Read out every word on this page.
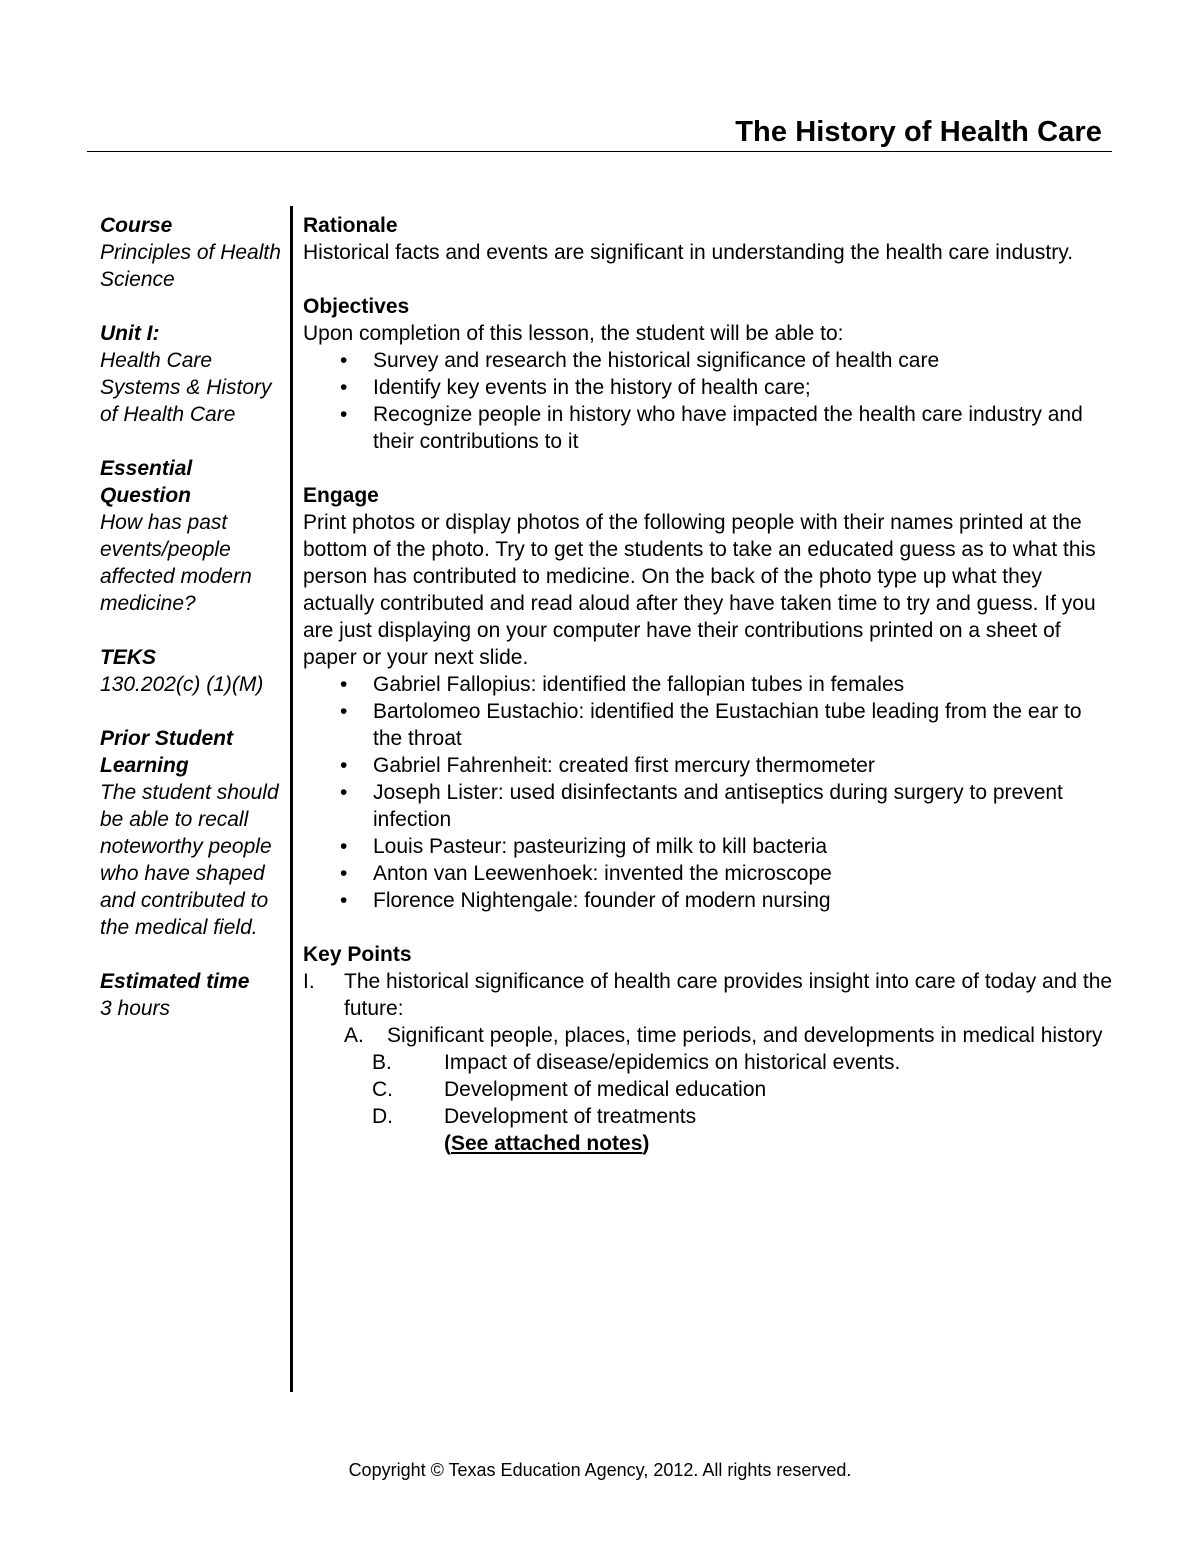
The History of Health Care
Course
Principles of Health Science
Unit I:
Health Care Systems & History of Health Care
Essential Question
How has past events/people affected modern medicine?
TEKS
130.202(c) (1)(M)
Prior Student Learning
The student should be able to recall noteworthy people who have shaped and contributed to the medical field.
Estimated time
3 hours
Rationale

Historical facts and events are significant in understanding the health care industry.

Objectives

Upon completion of this lesson, the student will be able to:

• Survey and research the historical significance of health care
• Identify key events in the history of health care;
• Recognize people in history who have impacted the health care industry and their contributions to it
Engage

Print photos or display photos of the following people with their names printed at the bottom of the photo. Try to get the students to take an educated guess as to what this person has contributed to medicine. On the back of the photo type up what they actually contributed and read aloud after they have taken time to try and guess. If you are just displaying on your computer have their contributions printed on a sheet of paper or your next slide.

• Gabriel Fallopius: identified the fallopian tubes in females
• Bartolomeo Eustachio: identified the Eustachian tube leading from the ear to the throat
• Gabriel Fahrenheit: created first mercury thermometer
• Joseph Lister: used disinfectants and antiseptics during surgery to prevent infection
• Louis Pasteur: pasteurizing of milk to kill bacteria
• Anton van Leewenhoek: invented the microscope
• Florence Nightengale: founder of modern nursing
Key Points
I. The historical significance of health care provides insight into care of today and the future:
A. Significant people, places, time periods, and developments in medical history
B. Impact of disease/epidemics on historical events.
C. Development of medical education
D. Development of treatments
(See attached notes)
Copyright © Texas Education Agency, 2012. All rights reserved.
